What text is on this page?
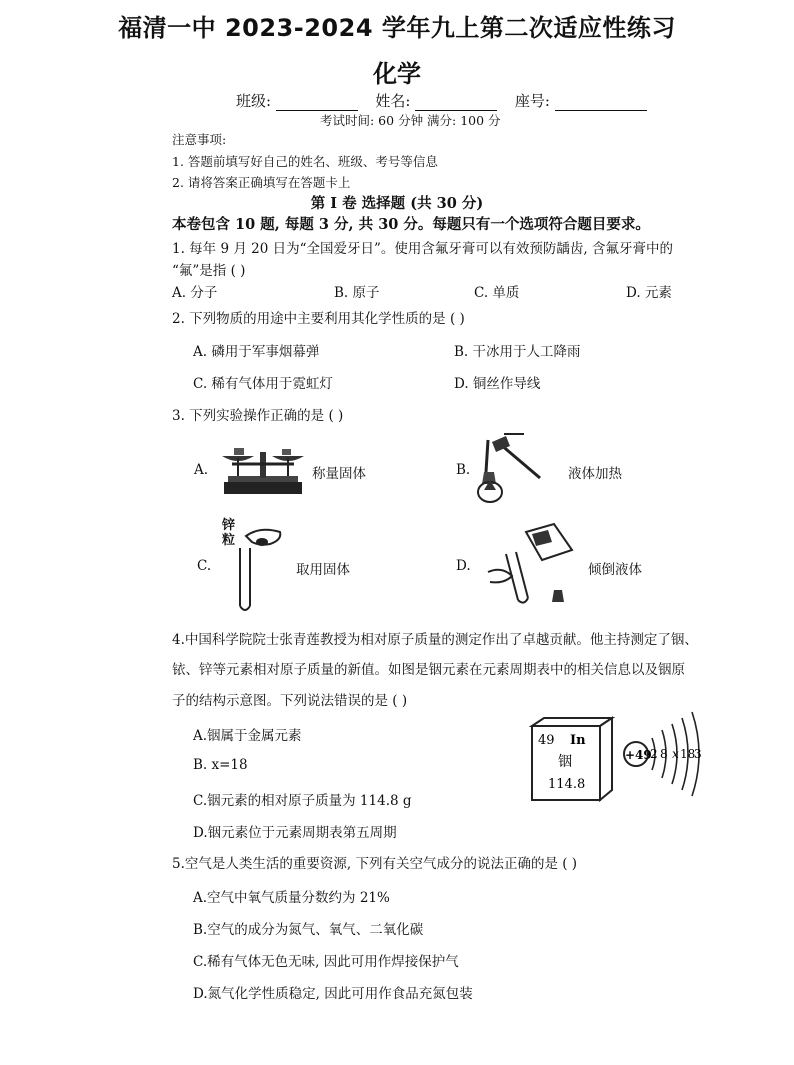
福清一中 2023-2024 学年九上第二次适应性练习
化学
班级:	姓名:	座号:
考试时间: 60 分钟 满分: 100 分
注意事项:
1. 答题前填写好自己的姓名、班级、考号等信息
2. 请将答案正确填写在答题卡上
第 I 卷 选择题 (共 30 分)
本卷包含 10 题, 每题 3 分, 共 30 分。每题只有一个选项符合题目要求。
1. 每年 9 月 20 日为“全国爱牙日”。使用含氟牙膏可以有效预防龋齿, 含氟牙膏中的
“氟”是指 ( )
A. 分子	B. 原子	C. 单质	D. 元素
2. 下列物质的用途中主要利用其化学性质的是 ( )
A. 磷用于军事烟幕弹	B. 干冰用于人工降雨
C. 稀有气体用于霓虹灯	D. 铜丝作导线
3. 下列实验操作正确的是 ( )
A.	称量固体	B.	液体加热
C.	取用固体	D.	倾倒液体
锌
粒
4.中国科学院院士张青莲教授为相对原子质量的测定作出了卓越贡献。他主持测定了铟、
铱、锌等元素相对原子质量的新值。如图是铟元素在元素周期表中的相关信息以及铟原
子的结构示意图。下列说法错误的是 ( )
A.铟属于金属元素
B. x=18
C.铟元素的相对原子质量为 114.8 g
D.铟元素位于元素周期表第五周期
49 In
铟
114.8
+49
2 8 x 18
3
5.空气是人类生活的重要资源, 下列有关空气成分的说法正确的是 ( )
A.空气中氧气质量分数约为 21%
B.空气的成分为氮气、氧气、二氧化碳
C.稀有气体无色无味, 因此可用作焊接保护气
D.氮气化学性质稳定, 因此可用作食品充氮包装
